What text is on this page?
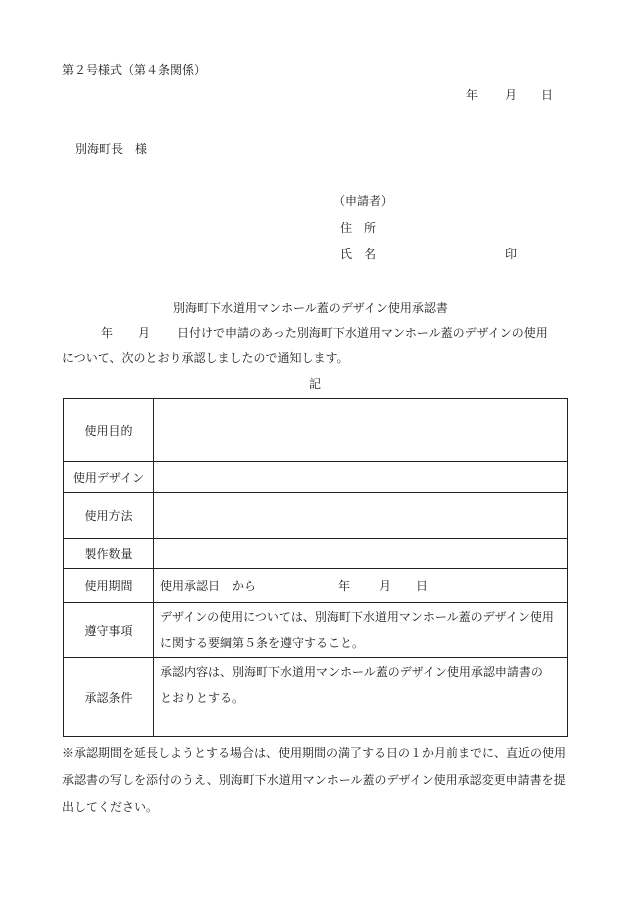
第２号様式（第４条関係）
年 月 日
別海町長　様
（申請者）
住　所
氏　名	印
別海町下水道用マンホール蓋のデザイン使用承認書
年 月 日付けで申請のあった別海町下水道用マンホール蓋のデザインの使用
について、次のとおり承認しましたので通知します。
記
使用目的	
使用デザイン	
使用方法	
製作数量	
使用期間	使用承認日　から 年 月 日
遵守事項	デザインの使用については、別海町下水道用マンホール蓋のデザイン使用
に関する要綱第５条を遵守すること。

承認条件	承認内容は、別海町下水道用マンホール蓋のデザイン使用承認申請書の
とおりとする。
※承認期間を延長しようとする場合は、使用期間の満了する日の１か月前までに、直近の使用
承認書の写しを添付のうえ、別海町下水道用マンホール蓋のデザイン使用承認変更申請書を提
出してください。
